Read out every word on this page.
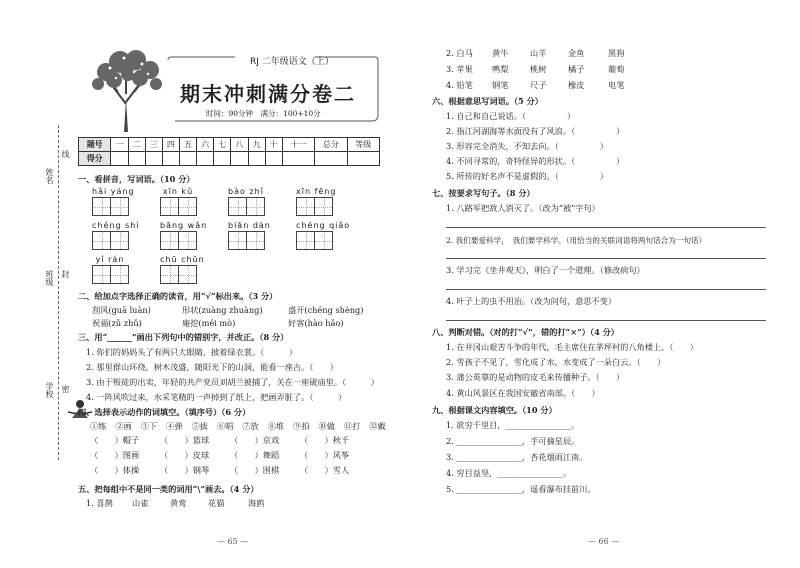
姓名
线
班级 封
学校 密
RJ 二年级语文（上）
期末冲刺满分卷二
时间：90分钟　满分：100+10分
题号	一	二	三	四	五	六	七	八	九	十	十一	总分	等级
得分													
一、看拼音，写词语。（10 分）
hǎi yáng	xīn kǔ	bào zhǐ	xīn fēng
chéng shì	bāng wǎn	biān dàn	chéng qiǎo
yǐ rán	chū chūn
二、给加点字选择正确的读音，用“√”标出来。（3 分）
刮风(guā luàn)	形状(zuàng zhuàng)	盛开(chéng shèng)
祝福(zǔ zhǔ)	庵挖(méi mò)	好客(hào hǎo)
三、用“______”画出下列句中的错别字，并改正。（8 分）
1. 你们的妈妈头了有两只大眼睛，披着绿衣裳。（　　　）
2. 那里群山环绕，树木茂盛，随阳光下的山洞，能看一座古。（　　）
3. 由于叛徒的出卖，年轻的共产党员刘胡兰被捕了，关在一座破庙里。（　　　）
4. 一阵风吹过来，水采笔精的一声掉到了纸上，把画弄脏了。（　　　）
四、选择表示动作的词填空。（填序号）（6 分）
①练 ②画 ③下 ④弹 ⑤拔 ⑥唱 ⑦放 ⑧堆 ⑨拍 ⑩做 ⑪打 ⑫戴
（　　）帽子	（　　）篮球	（　　）京戏	（　　）秋千
（　　）图画	（　　）皮球	（　　）舞蹈	（　　）风筝
（　　）体操	（　　）钢琴	（　　）围棋	（　　）雪人
五、把每组中不是同一类的词用“\”画去。（4 分）
1. 喜鹊 山雀	黄莺	花猫	海鸥
— 65 —
2. 白马 黄牛	山羊	金鱼	黑狗
3. 苹果 鸭梨	桃树	橘子	葡萄
4. 铅笔 钢笔	尺子	橡皮	电笔
六、根据意思写词语。（5 分）
1. 自己和自己说话。（　　　　　）
2. 指江河湖海等水面没有了风浪。（　　　　　）
3. 形容完全消失，不知去向。（　　　　　）
4. 不同寻常的，奇特怪异的形状。（　　　　　）
5. 所传的好名声不是虚假的。（　　　　　）
七、按要求写句子。（8 分）
1. 八路军把敌人消灭了。（改为“被”字句）
2. 我们要爱科学，　我们要学科学。（用恰当的关联词语将两句话合为一句话）
3. 学习完《坐井观天》，明白了一个道理。（修改病句）
4. 叶子上的虫不用治。（改为问句，意思不变）
八、判断对错。（对的打“√”，错的打“×”）（4 分）
1. 在井冈山艰苦斗争的年代，毛主席住在茅坪村的八角楼上。（　　）
2. 雪孩子不见了，雪化成了水，水变成了一朵白云。（　　）
3. 蒲公英靠的是动物的皮毛来传播种子。（　　）
4. 黄山风景区在我国安徽省南部。（　　）
九、根据课文内容填空。（10 分）
1. 欲穷千里目，________________。
2. ________________，手可摘星辰。
3. ________________，杏花烟雨江南。
4. 穷目益坚，________________。
5. ________________，遥看瀑布挂前川。
— 66 —
